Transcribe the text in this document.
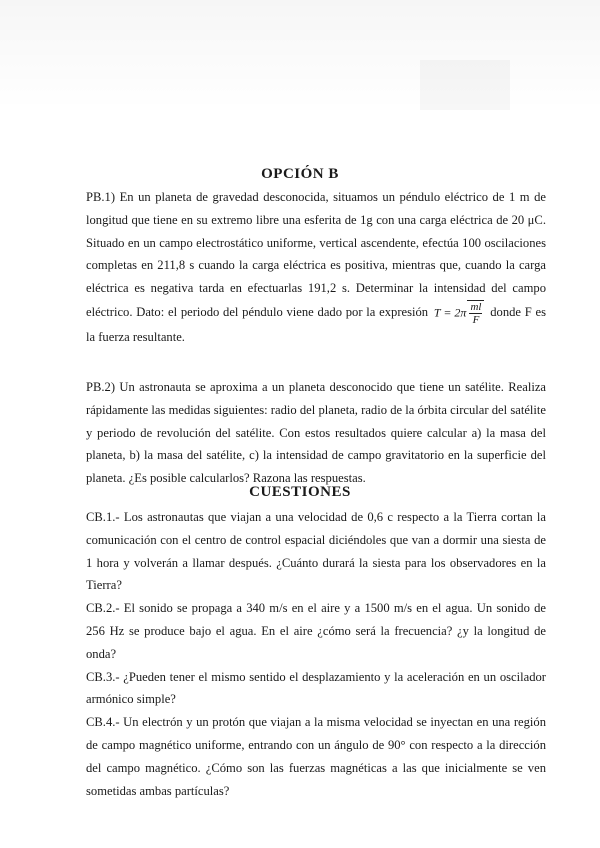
OPCIÓN B
PB.1) En un planeta de gravedad desconocida, situamos un péndulo eléctrico de 1 m de longitud que tiene en su extremo libre una esferita de 1g con una carga eléctrica de 20 μC. Situado en un campo electrostático uniforme, vertical ascendente, efectúa 100 oscilaciones completas en 211,8 s cuando la carga eléctrica es positiva, mientras que, cuando la carga eléctrica es negativa tarda en efectuarlas 191,2 s. Determinar la intensidad del campo eléctrico. Dato: el periodo del péndulo viene dado por la expresión $T = 2\pi \frac{ml}{F}$ donde F es la fuerza resultante.
PB.2) Un astronauta se aproxima a un planeta desconocido que tiene un satélite. Realiza rápidamente las medidas siguientes: radio del planeta, radio de la órbita circular del satélite y periodo de revolución del satélite. Con estos resultados quiere calcular a) la masa del planeta, b) la masa del satélite, c) la intensidad de campo gravitatorio en la superficie del planeta. ¿Es posible calcularlos? Razona las respuestas.
CUESTIONES
CB.1.- Los astronautas que viajan a una velocidad de 0,6 c respecto a la Tierra cortan la comunicación con el centro de control espacial diciéndoles que van a dormir una siesta de 1 hora y volverán a llamar después. ¿Cuánto durará la siesta para los observadores en la Tierra?
CB.2.- El sonido se propaga a 340 m/s en el aire y a 1500 m/s en el agua. Un sonido de 256 Hz se produce bajo el agua. En el aire ¿cómo será la frecuencia? ¿y la longitud de onda?
CB.3.- ¿Pueden tener el mismo sentido el desplazamiento y la aceleración en un oscilador armónico simple?
CB.4.- Un electrón y un protón que viajan a la misma velocidad se inyectan en una región de campo magnético uniforme, entrando con un ángulo de 90° con respecto a la dirección del campo magnético. ¿Cómo son las fuerzas magnéticas a las que inicialmente se ven sometidas ambas partículas?
